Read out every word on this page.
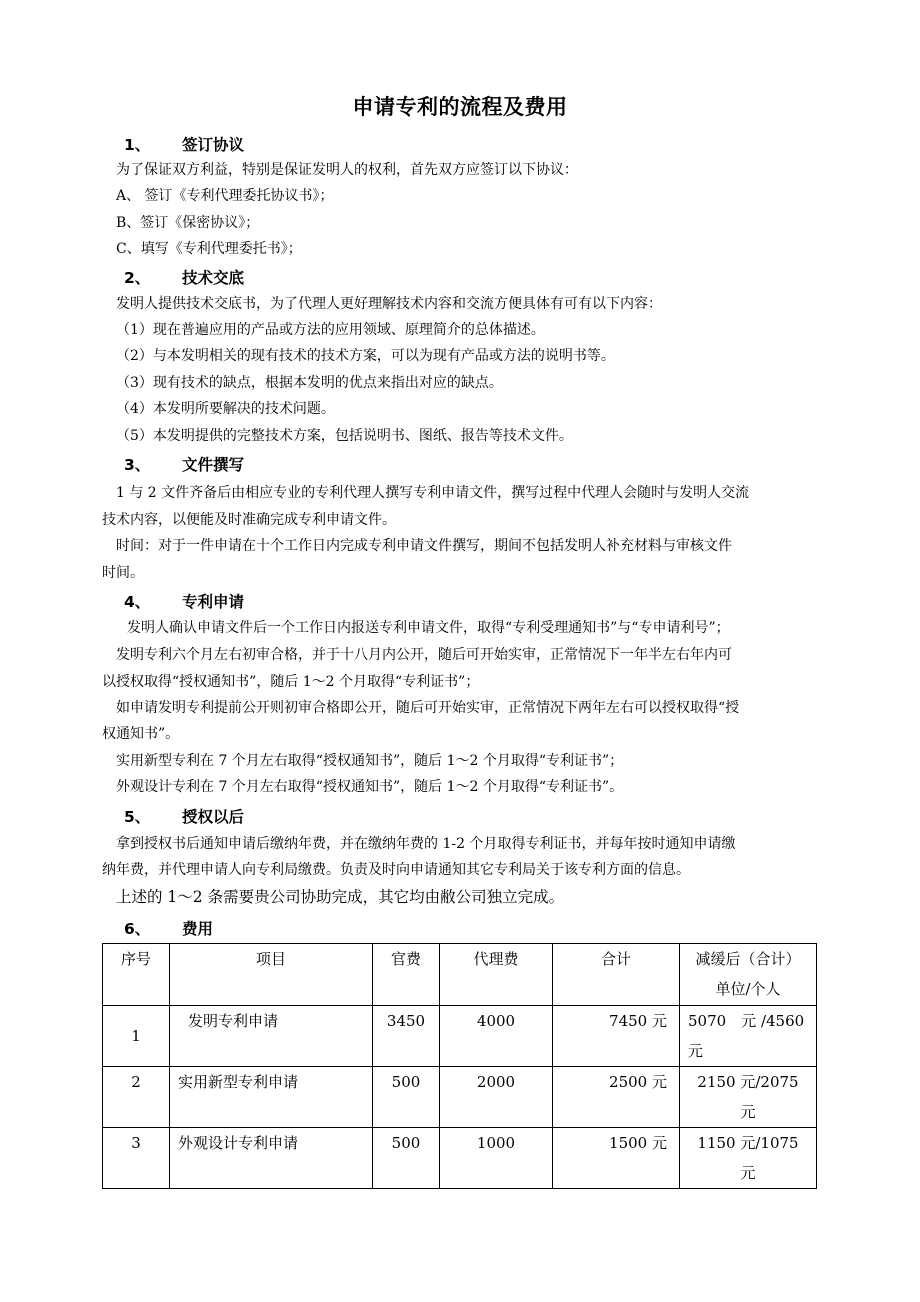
申请专利的流程及费用
1、 签订协议
为了保证双方利益，特别是保证发明人的权利，首先双方应签订以下协议：
A、 签订《专利代理委托协议书》；
B、签订《保密协议》；
C、填写《专利代理委托书》；
2、 技术交底
发明人提供技术交底书，为了代理人更好理解技术内容和交流方便具体有可有以下内容：
（1）现在普遍应用的产品或方法的应用领域、原理简介的总体描述。
（2）与本发明相关的现有技术的技术方案，可以为现有产品或方法的说明书等。
（3）现有技术的缺点，根据本发明的优点来指出对应的缺点。
（4）本发明所要解决的技术问题。
（5）本发明提供的完整技术方案，包括说明书、图纸、报告等技术文件。
3、 文件撰写
1 与 2 文件齐备后由相应专业的专利代理人撰写专利申请文件，撰写过程中代理人会随时与发明人交流
技术内容，以便能及时准确完成专利申请文件。
时间：对于一件申请在十个工作日内完成专利申请文件撰写，期间不包括发明人补充材料与审核文件
时间。
4、 专利申请
发明人确认申请文件后一个工作日内报送专利申请文件，取得“专利受理通知书”与“专申请利号”；
发明专利六个月左右初审合格，并于十八月内公开，随后可开始实审，正常情况下一年半左右年内可
以授权取得“授权通知书”，随后 1～2 个月取得“专利证书”；
如申请发明专利提前公开则初审合格即公开，随后可开始实审，正常情况下两年左右可以授权取得“授
权通知书”。
实用新型专利在 7 个月左右取得“授权通知书”，随后 1～2 个月取得“专利证书”；
外观设计专利在 7 个月左右取得“授权通知书”，随后 1～2 个月取得“专利证书”。
5、 授权以后
拿到授权书后通知申请后缴纳年费，并在缴纳年费的 1-2 个月取得专利证书，并每年按时通知申请缴
纳年费，并代理申请人向专利局缴费。负责及时向申请通知其它专利局关于该专利方面的信息。
上述的 1～2 条需要贵公司协助完成，其它均由敝公司独立完成。
6、 费用
序号	项目	官费	代理费	合计	减缓后（合计）
单位/个人

1	发明专利申请	3450	4000	7450 元	5070　元 /4560
元

2	实用新型专利申请	500	2000	2500 元	2150 元/2075
元

3	外观设计专利申请	500	1000	1500 元	1150 元/1075
元
